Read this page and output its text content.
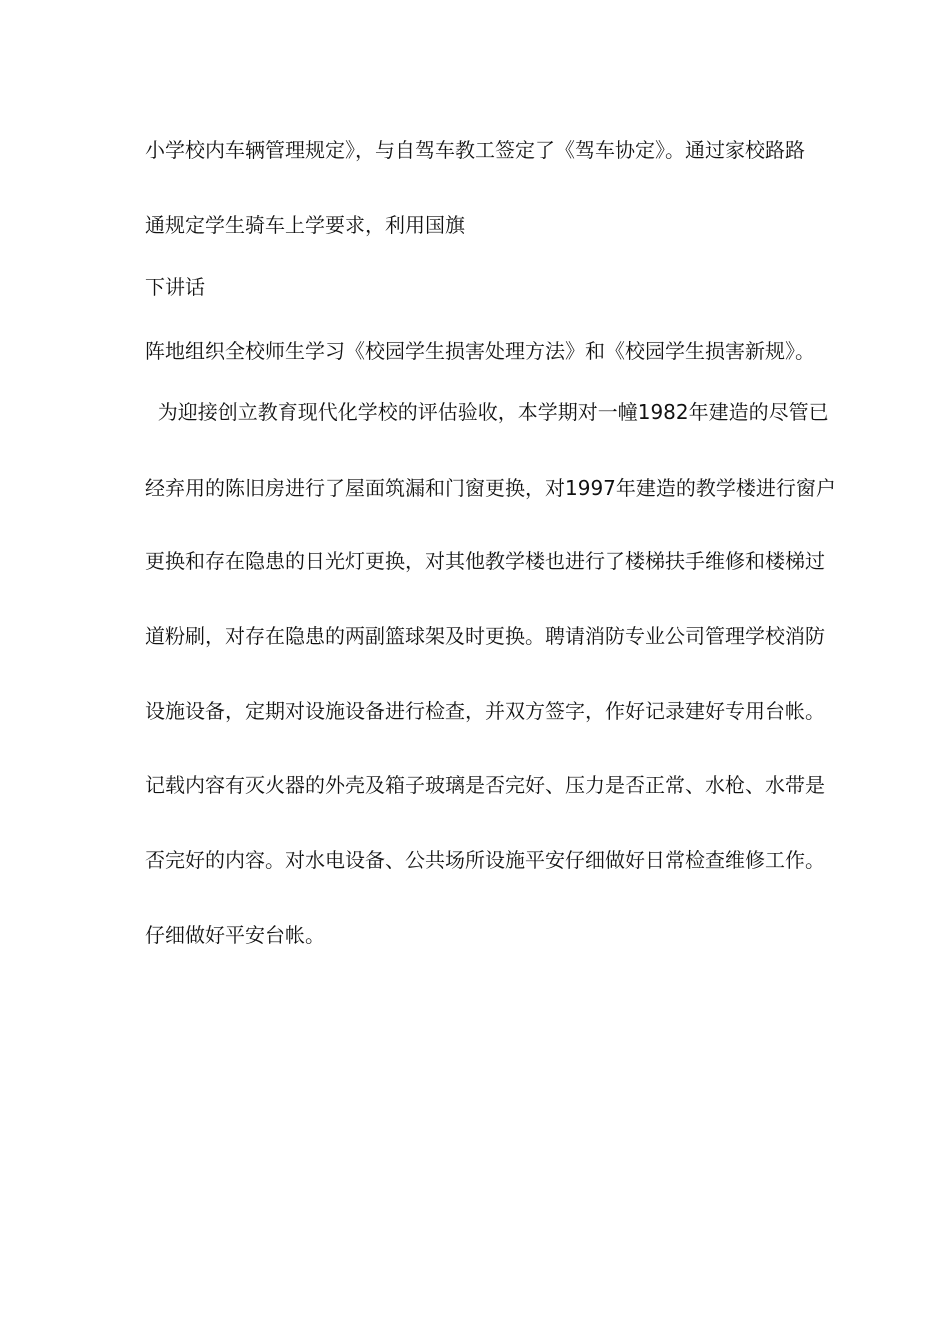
小学校内车辆管理规定》，与自驾车教工签定了《驾车协定》。通过家校路路

通规定学生骑车上学要求，利用国旗

下讲话

阵地组织全校师生学习《校园学生损害处理方法》和《校园学生损害新规》。

为迎接创立教育现代化学校的评估验收，本学期对一幢1982年建造的尽管已

经弃用的陈旧房进行了屋面筑漏和门窗更换，对1997年建造的教学楼进行窗户

更换和存在隐患的日光灯更换，对其他教学楼也进行了楼梯扶手维修和楼梯过

道粉刷，对存在隐患的两副篮球架及时更换。聘请消防专业公司管理学校消防

设施设备，定期对设施设备进行检查，并双方签字，作好记录建好专用台帐。

记载内容有灭火器的外壳及箱子玻璃是否完好、压力是否正常、水枪、水带是

否完好的内容。对水电设备、公共场所设施平安仔细做好日常检查维修工作。

仔细做好平安台帐。
